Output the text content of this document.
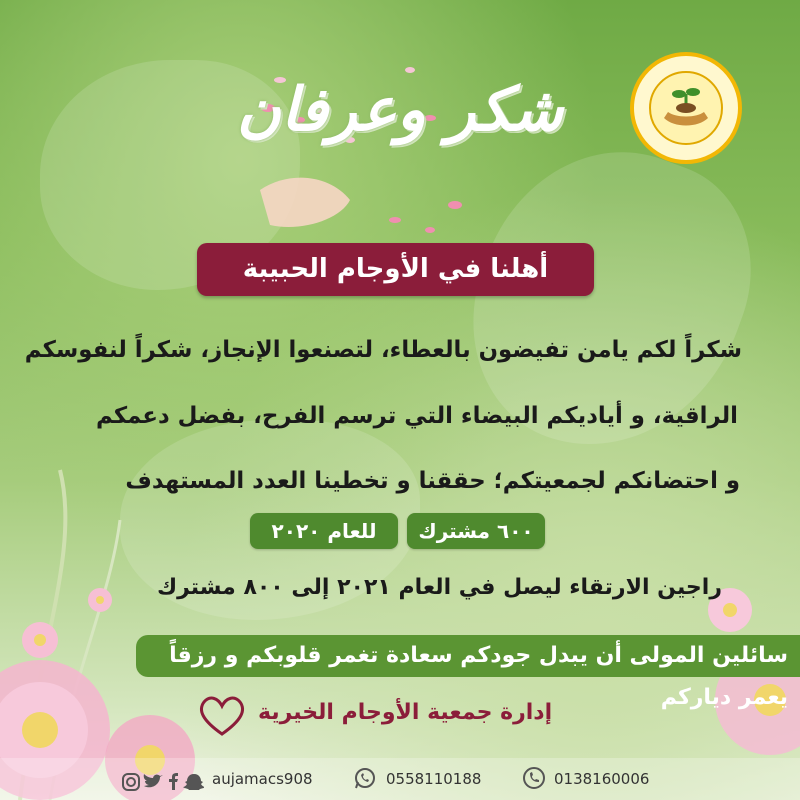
شكر وعرفان
أهلنا في الأوجام الحبيبة
شكراً لكم يامن تفيضون بالعطاء، لتصنعوا الإنجاز، شكراً لنفوسكم
الراقية، و أياديكم البيضاء التي ترسم الفرح، بفضل دعمكم
و احتضانكم لجمعيتكم؛ حققنا و تخطينا العدد المستهدف
٦٠٠ مشترك
للعام ٢٠٢٠
راجين الارتقاء ليصل في العام ٢٠٢١ إلى ٨٠٠ مشترك
سائلين المولى أن يبدل جودكم سعادة تغمر قلوبكم و رزقاً يعمر دياركم
إدارة جمعية الأوجام الخيرية
aujamacs908	0558110188	0138160006
